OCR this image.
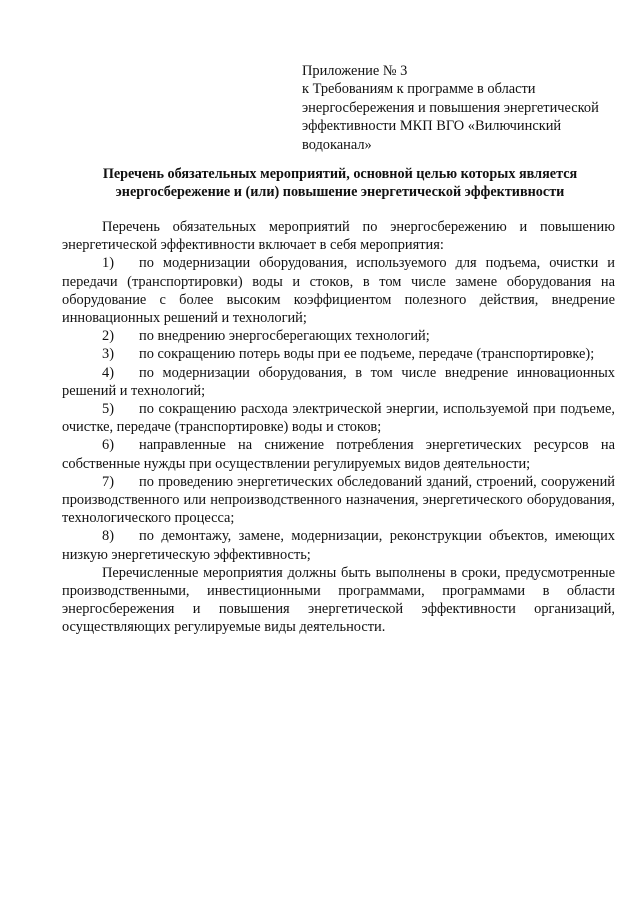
Приложение № 3
к Требованиям к программе в области
энергосбережения и повышения энергетической
эффективности МКП ВГО «Вилючинский
водоканал»
Перечень обязательных мероприятий, основной целью которых является
энергосбережение и (или) повышение энергетической эффективности

Перечень обязательных мероприятий по энергосбережению и повышению энергетической эффективности включает в себя мероприятия:

1) по модернизации оборудования, используемого для подъема, очистки и передачи (транспортировки) воды и стоков, в том числе замене оборудования на оборудование с более высоким коэффициентом полезного действия, внедрение инновационных решений и технологий;

2) по внедрению энергосберегающих технологий;

3) по сокращению потерь воды при ее подъеме, передаче (транспортировке);

4) по модернизации оборудования, в том числе внедрение инновационных решений и технологий;

5) по сокращению расхода электрической энергии, используемой при подъеме, очистке, передаче (транспортировке) воды и стоков;

6) направленные на снижение потребления энергетических ресурсов на собственные нужды при осуществлении регулируемых видов деятельности;

7) по проведению энергетических обследований зданий, строений, сооружений производственного или непроизводственного назначения, энергетического оборудования, технологического процесса;

8) по демонтажу, замене, модернизации, реконструкции объектов, имеющих низкую энергетическую эффективность;

Перечисленные мероприятия должны быть выполнены в сроки, предусмотренные производственными, инвестиционными программами, программами в области энергосбережения и повышения энергетической эффективности организаций, осуществляющих регулируемые виды деятельности.
